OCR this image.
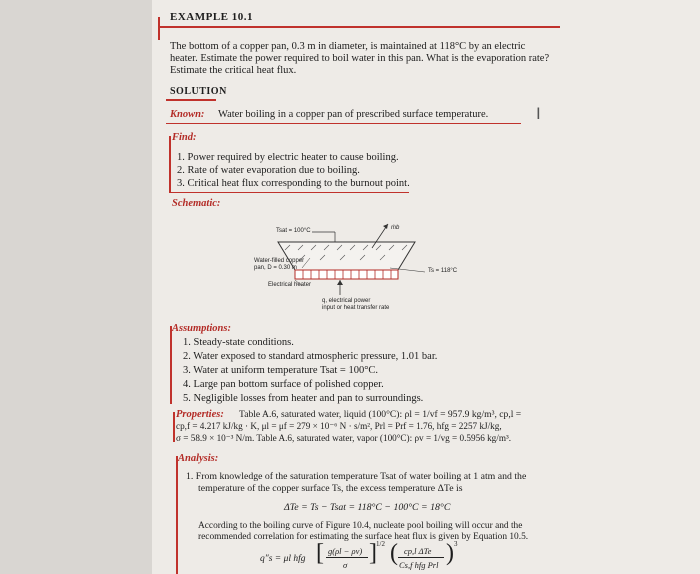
EXAMPLE 10.1
The bottom of a copper pan, 0.3 m in diameter, is maintained at 118°C by an electric
heater. Estimate the power required to boil water in this pan. What is the evaporation rate?
Estimate the critical heat flux.
SOLUTION
Known: Water boiling in a copper pan of prescribed surface temperature.	I
Find:
1. Power required by electric heater to cause boiling.
2. Rate of water evaporation due to boiling.
3. Critical heat flux corresponding to the burnout point.
Schematic:
Tsat = 100°C	ṁb
Water-filled copper
pan, D = 0.30 m	Ts = 118°C
Electrical heater
q, electrical power
input or heat transfer rate
Assumptions:
1. Steady-state conditions.
2. Water exposed to standard atmospheric pressure, 1.01 bar.
3. Water at uniform temperature Tsat = 100°C.
4. Large pan bottom surface of polished copper.
5. Negligible losses from heater and pan to surroundings.
Properties: Table A.6, saturated water, liquid (100°C): ρl = 1/vf = 957.9 kg/m³, cp,l =
cp,f = 4.217 kJ/kg · K, μl = μf = 279 × 10⁻⁶ N · s/m², Prl = Prf = 1.76, hfg = 2257 kJ/kg,
σ = 58.9 × 10⁻³ N/m. Table A.6, saturated water, vapor (100°C): ρv = 1/vg = 0.5956 kg/m³.
Analysis:
1. From knowledge of the saturation temperature Tsat of water boiling at 1 atm and the
temperature of the copper surface Ts, the excess temperature ΔTe is
ΔTe = Ts − Tsat = 118°C − 100°C = 18°C
According to the boiling curve of Figure 10.4, nucleate pool boiling will occur and the
recommended correlation for estimating the surface heat flux is given by Equation 10.5.
q″s = μl hfg [ g(ρl − ρv)
σ ] 1/2 ( cp,l ΔTe
Cs,f hfg Prl ) 3
